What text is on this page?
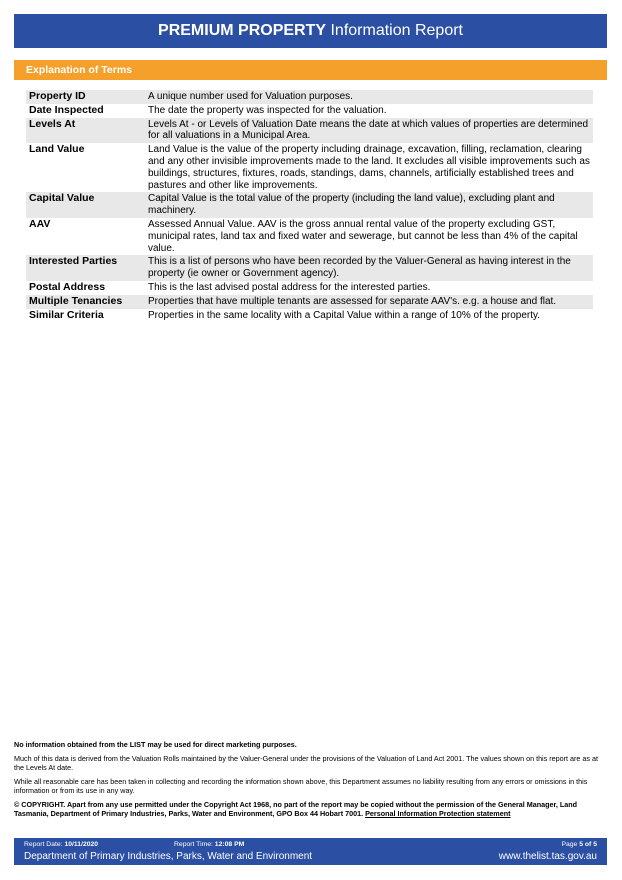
PREMIUM PROPERTY Information Report
Explanation of Terms
Property ID	A unique number used for Valuation purposes.
Date Inspected	The date the property was inspected for the valuation.
Levels At	Levels At - or Levels of Valuation Date means the date at which values of properties are determined for all valuations in a Municipal Area.
Land Value	Land Value is the value of the property including drainage, excavation, filling, reclamation, clearing and any other invisible improvements made to the land. It excludes all visible improvements such as buildings, structures, fixtures, roads, standings, dams, channels, artificially established trees and pastures and other like improvements.
Capital Value	Capital Value is the total value of the property (including the land value), excluding plant and machinery.
AAV	Assessed Annual Value. AAV is the gross annual rental value of the property excluding GST, municipal rates, land tax and fixed water and sewerage, but cannot be less than 4% of the capital value.
Interested Parties	This is a list of persons who have been recorded by the Valuer-General as having interest in the property (ie owner or Government agency).
Postal Address	This is the last advised postal address for the interested parties.
Multiple Tenancies	Properties that have multiple tenants are assessed for separate AAV's. e.g. a house and flat.
Similar Criteria	Properties in the same locality with a Capital Value within a range of 10% of the property.

No information obtained from the LIST may be used for direct marketing purposes.

Much of this data is derived from the Valuation Rolls maintained by the Valuer-General under the provisions of the Valuation of Land Act 2001. The values shown on this report are as at the Levels At date.

While all reasonable care has been taken in collecting and recording the information shown above, this Department assumes no liability resulting from any errors or omissions in this information or from its use in any way.

© COPYRIGHT. Apart from any use permitted under the Copyright Act 1968, no part of the report may be copied without the permission of the General Manager, Land Tasmania, Department of Primary Industries, Parks, Water and Environment, GPO Box 44 Hobart 7001. Personal Information Protection statement

Report Date: 10/11/2020	Report Time: 12:08 PM	Page 5 of 5
Department of Primary Industries, Parks, Water and Environment	www.thelist.tas.gov.au
